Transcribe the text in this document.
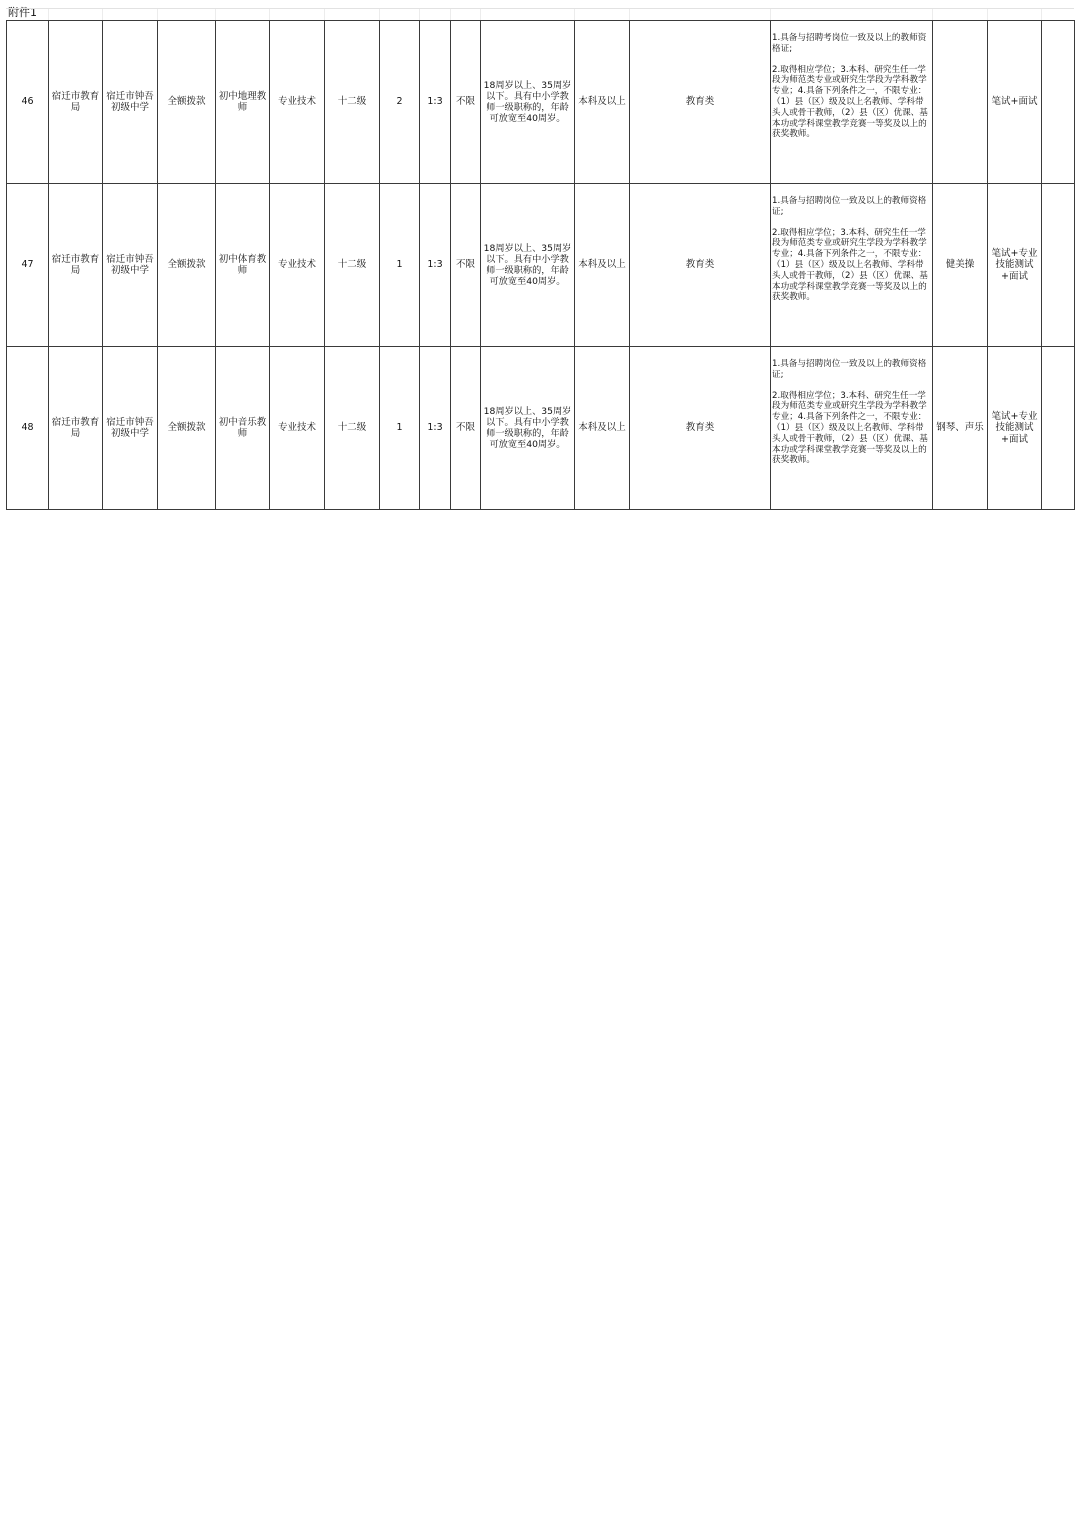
附件1
46	宿迁市教育局	宿迁市钟吾初级中学	全额拨款	初中地理教师	专业技术	十二级	2	1:3	不限	18周岁以上、35周岁以下。具有中小学教师一级职称的，年龄可放宽至40周岁。	本科及以上	教育类	1.具备与招聘考岗位一致及以上的教师资格证;
2.取得相应学位；3.本科、研究生任一学段为师范类专业或研究生学段为学科教学专业；4.具备下列条件之一，不限专业：（1）县（区）级及以上名教师、学科带头人或骨干教师，（2）县（区）优课、基本功或学科课堂教学竞赛一等奖及以上的获奖教师。		笔试+面试	
47	宿迁市教育局	宿迁市钟吾初级中学	全额拨款	初中体育教师	专业技术	十二级	1	1:3	不限	18周岁以上、35周岁以下。具有中小学教师一级职称的，年龄可放宽至40周岁。	本科及以上	教育类	1.具备与招聘岗位一致及以上的教师资格证;
2.取得相应学位；3.本科、研究生任一学段为师范类专业或研究生学段为学科教学专业；4.具备下列条件之一，不限专业：（1）县（区）级及以上名教师、学科带头人或骨干教师，（2）县（区）优课、基本功或学科课堂教学竞赛一等奖及以上的获奖教师。	健美操	笔试+专业技能测试+面试	
48	宿迁市教育局	宿迁市钟吾初级中学	全额拨款	初中音乐教师	专业技术	十二级	1	1:3	不限	18周岁以上、35周岁以下。具有中小学教师一级职称的，年龄可放宽至40周岁。	本科及以上	教育类	1.具备与招聘岗位一致及以上的教师资格证;
2.取得相应学位；3.本科、研究生任一学段为师范类专业或研究生学段为学科教学专业；4.具备下列条件之一，不限专业：（1）县（区）级及以上名教师、学科带头人或骨干教师，（2）县（区）优课、基本功或学科课堂教学竞赛一等奖及以上的获奖教师。	钢琴、声乐	笔试+专业技能测试+面试	
